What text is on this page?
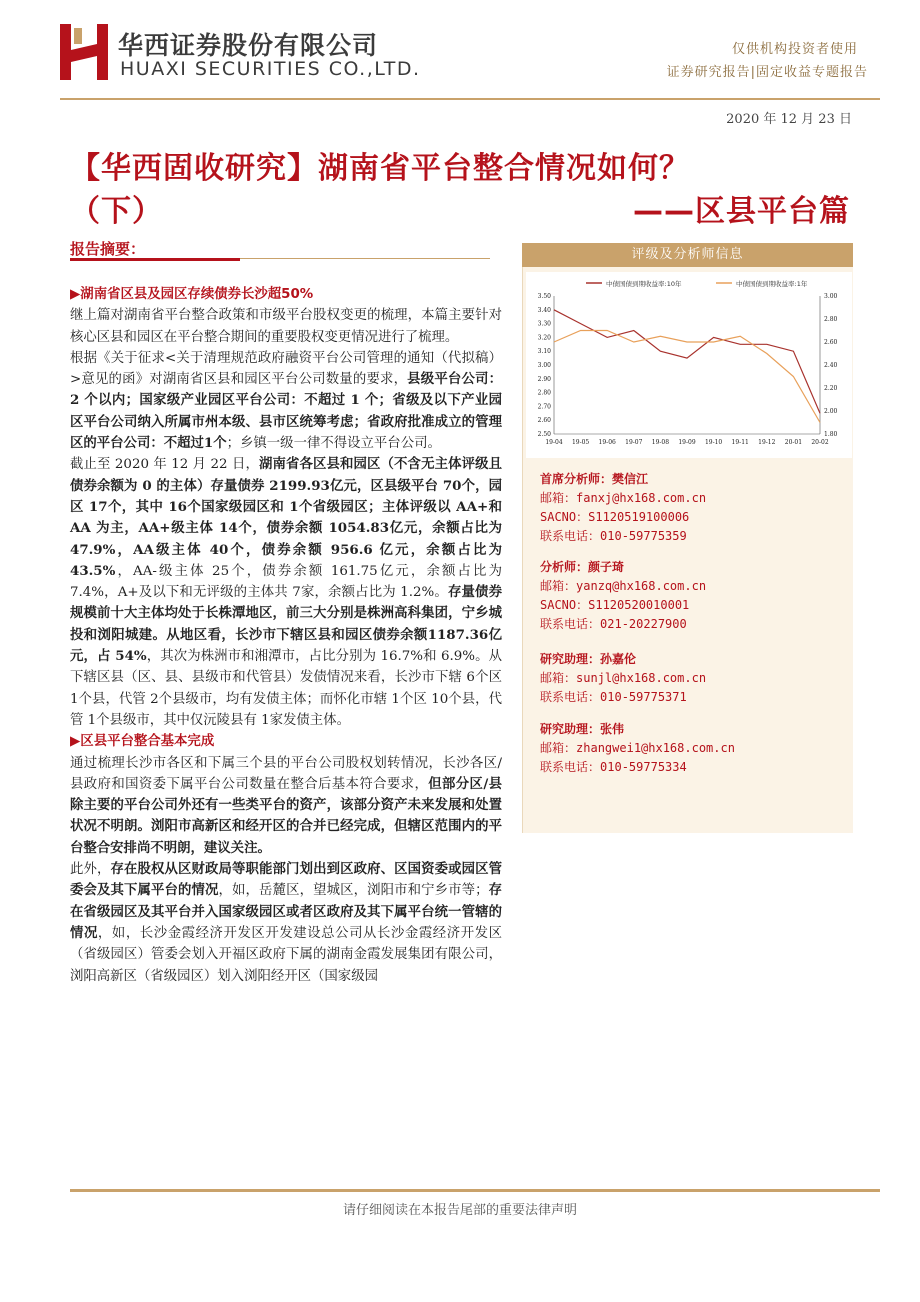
华西证券股份有限公司
HUAXI SECURITIES CO.,LTD.
仅供机构投资者使用
证券研究报告|固定收益专题报告
2020 年 12 月 23 日
【华西固收研究】湖南省平台整合情况如何？
（下）	——区县平台篇
报告摘要：

▶湖南省区县及园区存续债券长沙超50%

继上篇对湖南省平台整合政策和市级平台股权变更的梳理，本篇主要针对核心区县和园区在平台整合期间的重要股权变更情况进行了梳理。

根据《关于征求<关于清理规范政府融资平台公司管理的通知（代拟稿）>意见的函》对湖南省区县和园区平台公司数量的要求，县级平台公司：2 个以内；国家级产业园区平台公司：不超过 1 个；省级及以下产业园区平台公司纳入所属市州本级、县市区统筹考虑；省政府批准成立的管理区的平台公司：不超过1个；乡镇一级一律不得设立平台公司。

截止至 2020 年 12 月 22 日，湖南省各区县和园区（不含无主体评级且债券余额为 0 的主体）存量债券 2199.93亿元，区县级平台 70个，园区 17个，其中 16个国家级园区和 1个省级园区；主体评级以 AA+和 AA 为主，AA+级主体 14个，债券余额 1054.83亿元，余额占比为 47.9%，AA级主体 40个，债券余额 956.6 亿元，余额占比为 43.5%，AA-级主体 25个，债券余额 161.75亿元，余额占比为 7.4%，A+及以下和无评级的主体共 7家，余额占比为 1.2%。存量债券规模前十大主体均处于长株潭地区，前三大分别是株洲高科集团，宁乡城投和浏阳城建。从地区看，长沙市下辖区县和园区债券余额1187.36亿元，占 54%，其次为株洲市和湘潭市，占比分别为 16.7%和 6.9%。从下辖区县（区、县、县级市和代管县）发债情况来看，长沙市下辖 6个区 1个县，代管 2个县级市，均有发债主体；而怀化市辖 1个区 10个县，代管 1个县级市，其中仅沅陵县有 1家发债主体。

▶区县平台整合基本完成

通过梳理长沙市各区和下属三个县的平台公司股权划转情况，长沙各区/县政府和国资委下属平台公司数量在整合后基本符合要求，但部分区/县除主要的平台公司外还有一些类平台的资产，该部分资产未来发展和处置状况不明朗。浏阳市高新区和经开区的合并已经完成，但辖区范围内的平台整合安排尚不明朗，建议关注。

此外，存在股权从区财政局等职能部门划出到区政府、区国资委或园区管委会及其下属平台的情况，如，岳麓区，望城区，浏阳市和宁乡市等；存在省级园区及其平台并入国家级园区或者区政府及其下属平台统一管辖的情况，如，长沙金霞经济开发区开发建设总公司从长沙金霞经济开发区（省级园区）管委会划入开福区政府下属的湖南金霞发展集团有限公司，浏阳高新区（省级园区）划入浏阳经开区（国家级园

评级及分析师信息
中债国债到期收益率:10年	中债国债到期收益率:1年
2.50
2.60
2.70
2.80
2.90
3.00
3.10
3.20
3.30
3.40
3.50
1.80
2.00
2.20
2.40
2.60
2.80
3.00
19-04 19-05 19-06 19-07 19-08 19-09 19-10 19-11 19-12 20-01 20-02
首席分析师：樊信江
邮箱：fanxj@hx168.com.cn
SACNO：S1120519100006
联系电话：010-59775359
分析师：颜子琦
邮箱：yanzq@hx168.com.cn
SACNO：S1120520010001
联系电话：021-20227900
研究助理：孙嘉伦
邮箱：sunjl@hx168.com.cn
联系电话：010-59775371
研究助理：张伟
邮箱：zhangwei1@hx168.com.cn
联系电话：010-59775334
请仔细阅读在本报告尾部的重要法律声明
